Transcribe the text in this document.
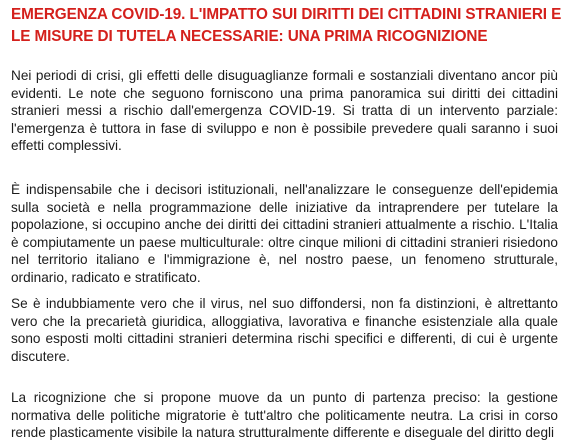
EMERGENZA COVID-19. L'IMPATTO SUI DIRITTI DEI CITTADINI STRANIERI E LE MISURE DI TUTELA NECESSARIE: UNA PRIMA RICOGNIZIONE

Nei periodi di crisi, gli effetti delle disuguaglianze formali e sostanziali diventano ancor più evidenti. Le note che seguono forniscono una prima panoramica sui diritti dei cittadini stranieri messi a rischio dall'emergenza COVID-19. Si tratta di un intervento parziale: l'emergenza è tuttora in fase di sviluppo e non è possibile prevedere quali saranno i suoi effetti complessivi.

È indispensabile che i decisori istituzionali, nell'analizzare le conseguenze dell'epidemia sulla società e nella programmazione delle iniziative da intraprendere per tutelare la popolazione, si occupino anche dei diritti dei cittadini stranieri attualmente a rischio. L'Italia è compiutamente un paese multiculturale: oltre cinque milioni di cittadini stranieri risiedono nel territorio italiano e l'immigrazione è, nel nostro paese, un fenomeno strutturale, ordinario, radicato e stratificato.

Se è indubbiamente vero che il virus, nel suo diffondersi, non fa distinzioni, è altrettanto vero che la precarietà giuridica, alloggiativa, lavorativa e finanche esistenziale alla quale sono esposti molti cittadini stranieri determina rischi specifici e differenti, di cui è urgente discutere.

La ricognizione che si propone muove da un punto di partenza preciso: la gestione normativa delle politiche migratorie è tutt'altro che politicamente neutra. La crisi in corso rende plasticamente visibile la natura strutturalmente differente e diseguale del diritto degli
